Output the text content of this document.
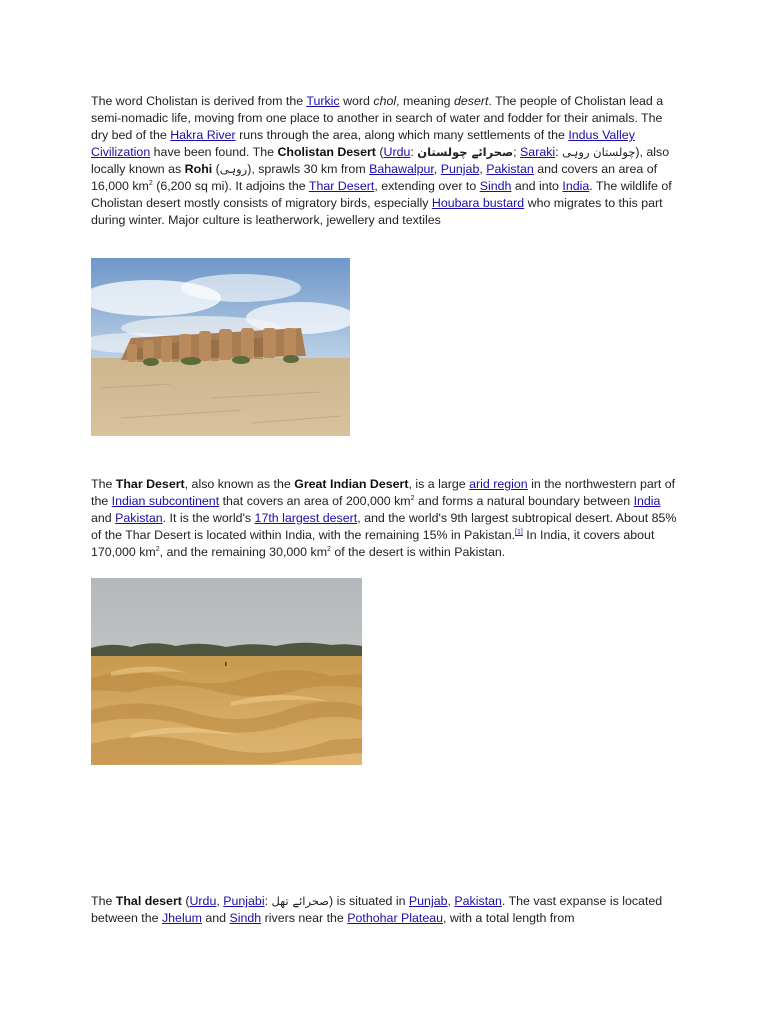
The word Cholistan is derived from the Turkic word chol, meaning desert. The people of Cholistan lead a semi-nomadic life, moving from one place to another in search of water and fodder for their animals. The dry bed of the Hakra River runs through the area, along which many settlements of the Indus Valley Civilization have been found. The Cholistan Desert (Urdu: صحرائے چولستان; Saraki: چولستان روہی), also locally known as Rohi (روہی), sprawls 30 km from Bahawalpur, Punjab, Pakistan and covers an area of 16,000 $km^2$ (6,200 sq mi). It adjoins the Thar Desert, extending over to Sindh and into India. The wildlife of Cholistan desert mostly consists of migratory birds, especially Houbara bustard who migrates to this part during winter. Major culture is leatherwork, jewellery and textiles
The Thar Desert, also known as the Great Indian Desert, is a large arid region in the northwestern part of the Indian subcontinent that covers an area of 200,000 $km^2$ and forms a natural boundary between India and Pakistan. It is the world's 17th largest desert, and the world's 9th largest subtropical desert. About 85% of the Thar Desert is located within India, with the remaining 15% in Pakistan.[1] In India, it covers about 170,000 $km^2$, and the remaining 30,000 $km^2$ of the desert is within Pakistan.
The Thal desert (Urdu, Punjabi: صحرائے تھل) is situated in Punjab, Pakistan. The vast expanse is located between the Jhelum and Sindh rivers near the Pothohar Plateau, with a total length from
